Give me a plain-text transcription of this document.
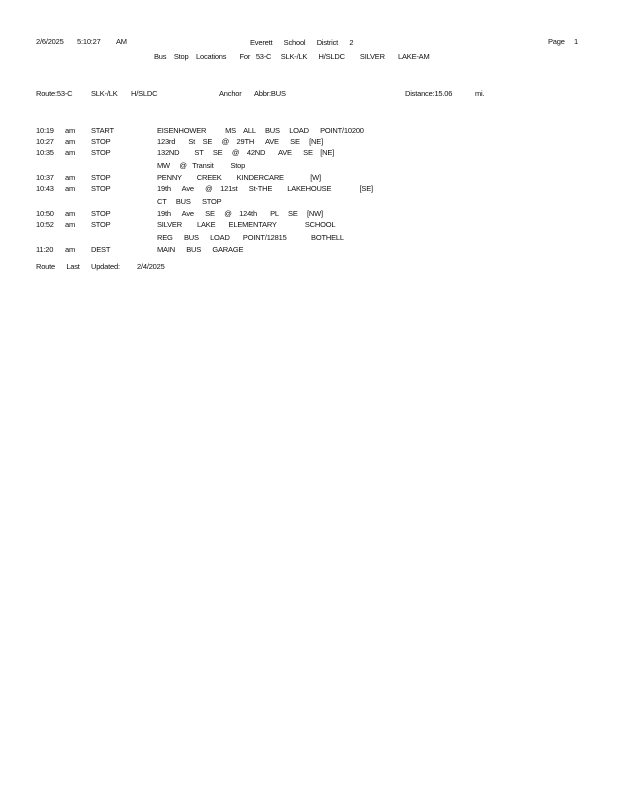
2/6/2025 5:10:27 AM	Everett      School      District      2	Page 1
Bus    Stop    Locations       For   53-C     SLK-/LK      H/SLDC        SILVER       LAKE-AM
Route:53-C SLK-/LK H/SLDC	Anchor Abbr:BUS	Distance:15.06	mi.
10:19 am START	EISENHOWER          MS    ALL     BUS     LOAD      POINT/10200
10:27 am STOP	123rd       St    SE     @    29TH      AVE      SE     [NE]
10:35 am STOP	132ND        ST     SE     @    42ND       AVE      SE    [NE]
MW     @   Transit         Stop
10:37 am STOP	PENNY        CREEK        KINDERCARE              [W]
10:43 am STOP	19th      Ave      @    121st      St-THE        LAKEHOUSE               [SE]
CT     BUS      STOP
10:50 am STOP	19th      Ave      SE     @    124th       PL     SE     [NW]
10:52 am STOP	SILVER        LAKE       ELEMENTARY               SCHOOL
REG      BUS      LOAD       POINT/12815             BOTHELL
11:20 am DEST	MAIN      BUS      GARAGE
Route      Last      Updated: 2/4/2025
